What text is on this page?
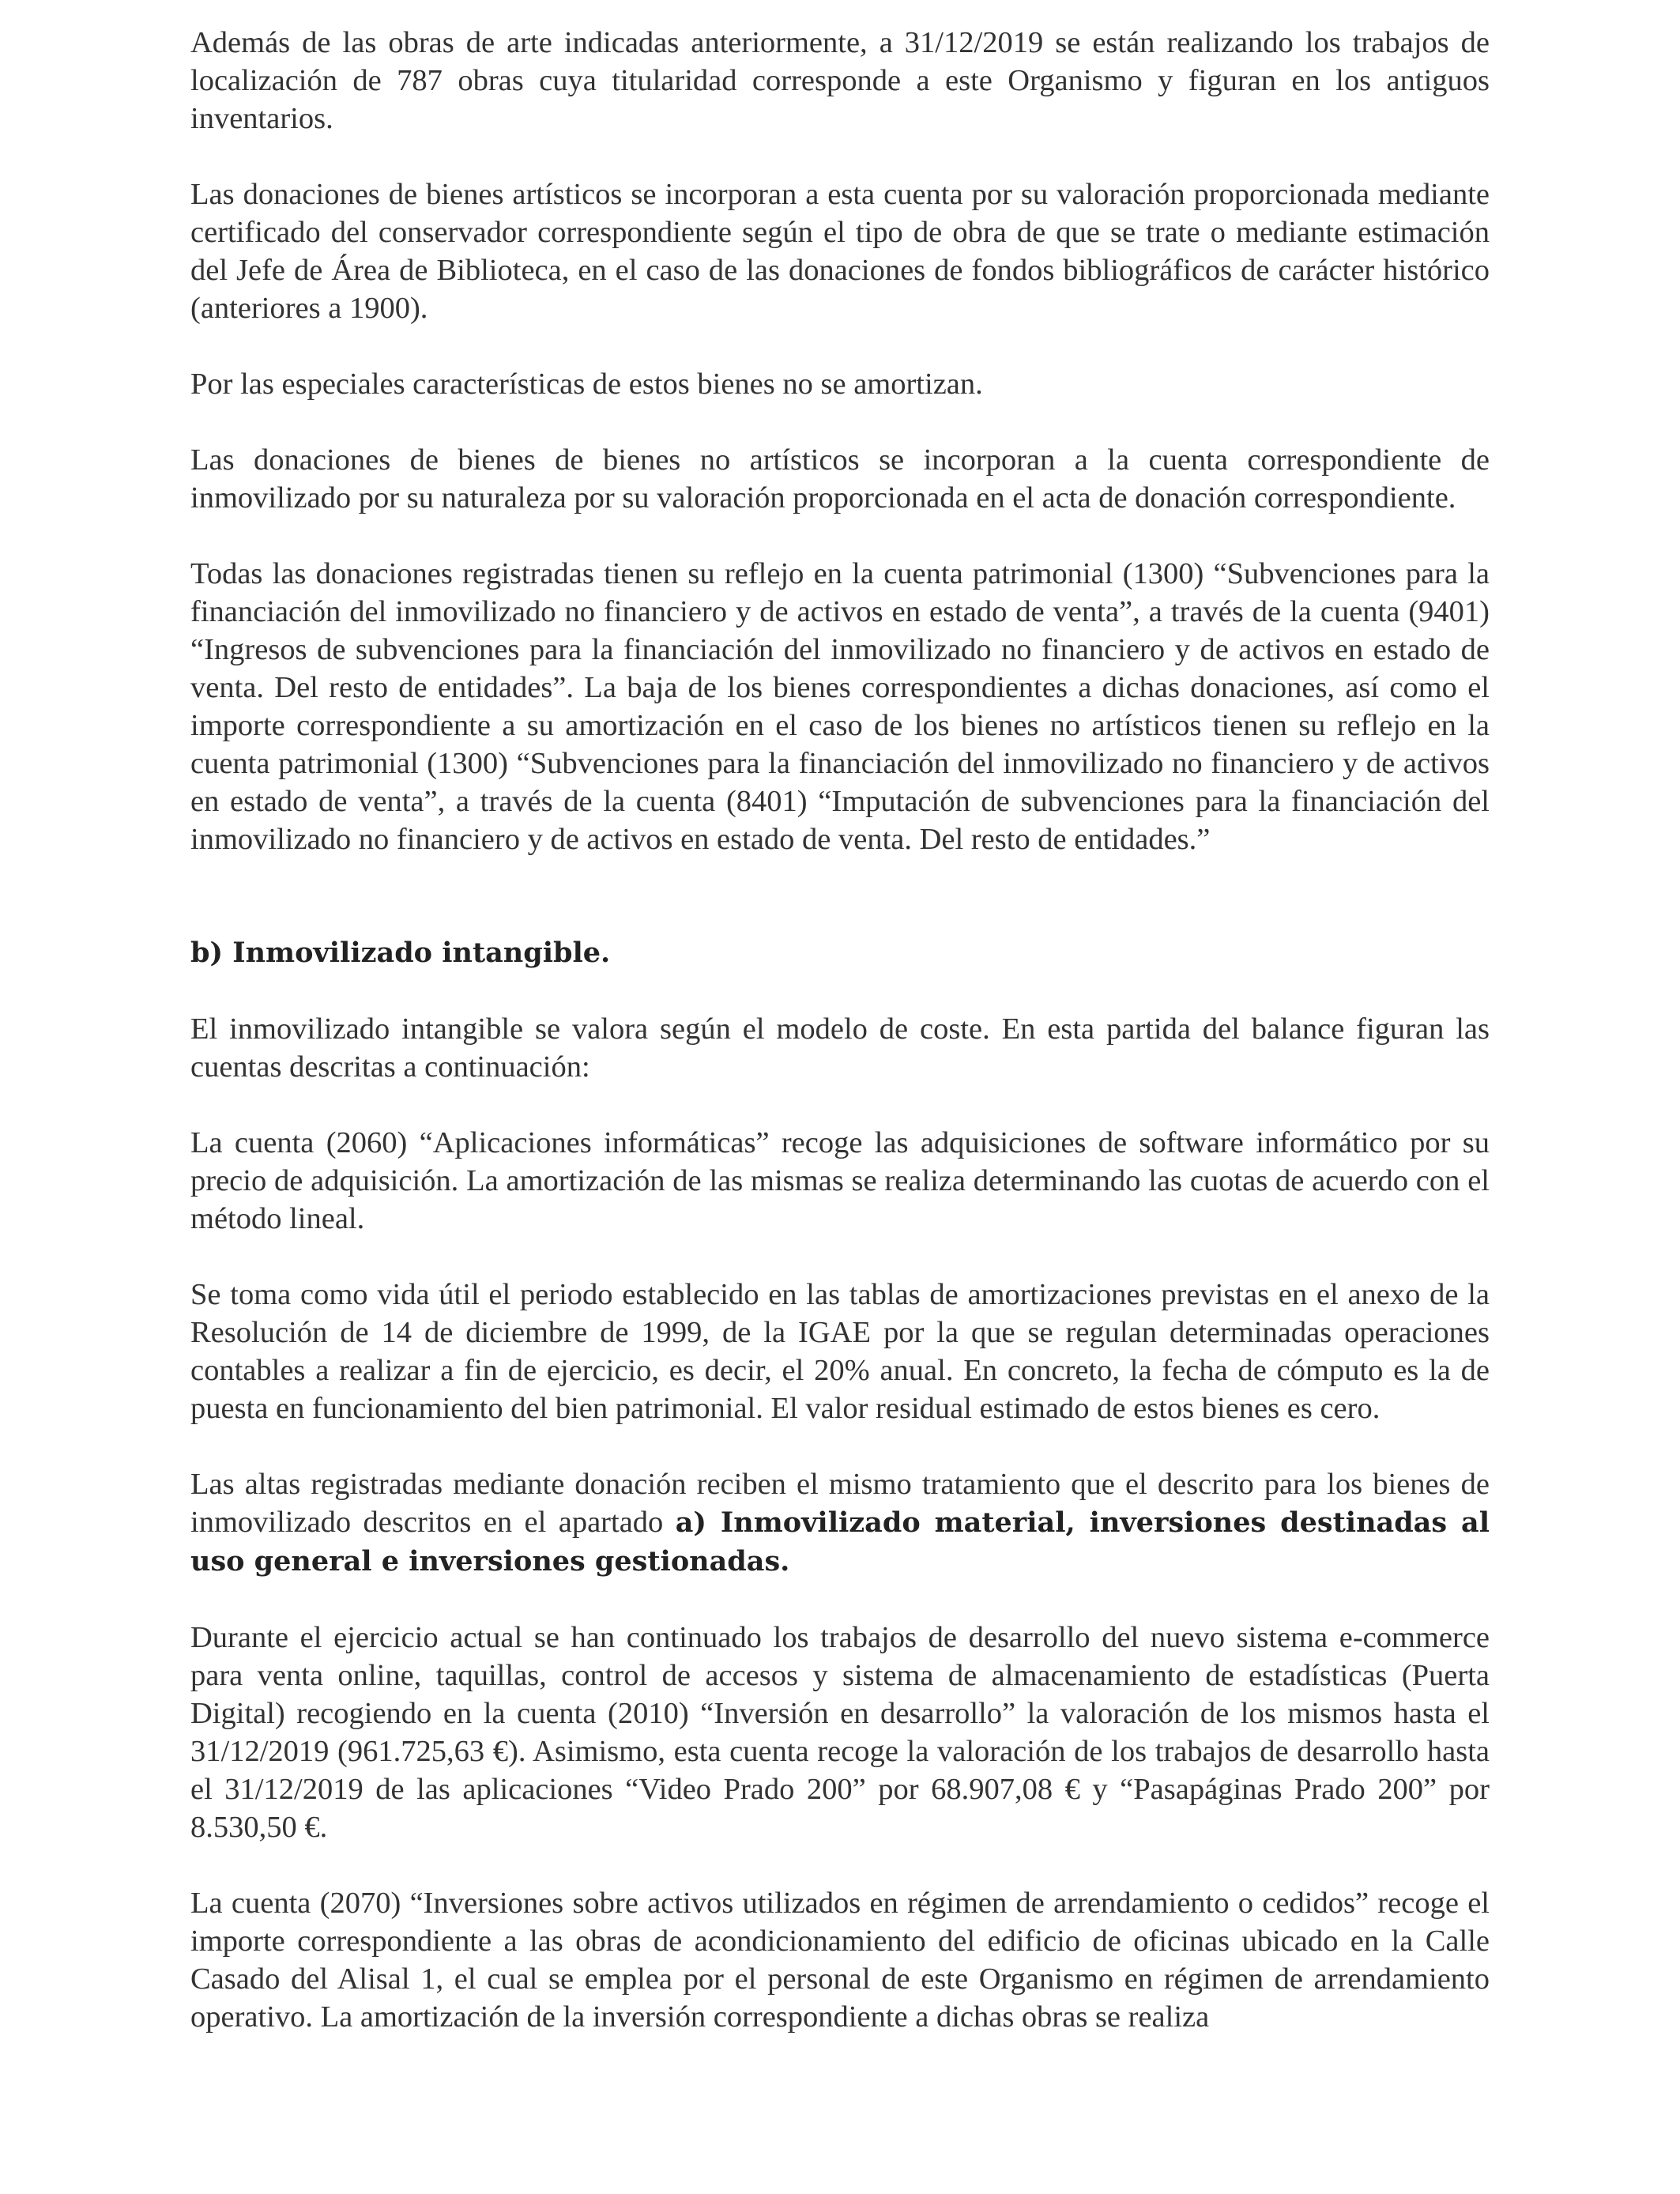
Además de las obras de arte indicadas anteriormente, a 31/12/2019 se están realizando los trabajos de localización de 787 obras cuya titularidad corresponde a este Organismo y figuran en los antiguos inventarios.

Las donaciones de bienes artísticos se incorporan a esta cuenta por su valoración proporcionada mediante certificado del conservador correspondiente según el tipo de obra de que se trate o mediante estimación del Jefe de Área de Biblioteca, en el caso de las donaciones de fondos bibliográficos de carácter histórico (anteriores a 1900).

Por las especiales características de estos bienes no se amortizan.

Las donaciones de bienes de bienes no artísticos se incorporan a la cuenta correspondiente de inmovilizado por su naturaleza por su valoración proporcionada en el acta de donación correspondiente.

Todas las donaciones registradas tienen su reflejo en la cuenta patrimonial (1300) “Subvenciones para la financiación del inmovilizado no financiero y de activos en estado de venta”, a través de la cuenta (9401) “Ingresos de subvenciones para la financiación del inmovilizado no financiero y de activos en estado de venta. Del resto de entidades”. La baja de los bienes correspondientes a dichas donaciones, así como el importe correspondiente a su amortización en el caso de los bienes no artísticos tienen su reflejo en la cuenta patrimonial (1300) “Subvenciones para la financiación del inmovilizado no financiero y de activos en estado de venta”, a través de la cuenta (8401) “Imputación de subvenciones para la financiación del inmovilizado no financiero y de activos en estado de venta. Del resto de entidades.”

b) Inmovilizado intangible.

El inmovilizado intangible se valora según el modelo de coste. En esta partida del balance figuran las cuentas descritas a continuación:

La cuenta (2060) “Aplicaciones informáticas” recoge las adquisiciones de software informático por su precio de adquisición. La amortización de las mismas se realiza determinando las cuotas de acuerdo con el método lineal.

Se toma como vida útil el periodo establecido en las tablas de amortizaciones previstas en el anexo de la Resolución de 14 de diciembre de 1999, de la IGAE por la que se regulan determinadas operaciones contables a realizar a fin de ejercicio, es decir, el 20% anual. En concreto, la fecha de cómputo es la de puesta en funcionamiento del bien patrimonial. El valor residual estimado de estos bienes es cero.

Las altas registradas mediante donación reciben el mismo tratamiento que el descrito para los bienes de inmovilizado descritos en el apartado a) Inmovilizado material, inversiones destinadas al uso general e inversiones gestionadas.

Durante el ejercicio actual se han continuado los trabajos de desarrollo del nuevo sistema e-commerce para venta online, taquillas, control de accesos y sistema de almacenamiento de estadísticas (Puerta Digital) recogiendo en la cuenta (2010) “Inversión en desarrollo” la valoración de los mismos hasta el 31/12/2019 (961.725,63 €). Asimismo, esta cuenta recoge la valoración de los trabajos de desarrollo hasta el 31/12/2019 de las aplicaciones “Video Prado 200” por 68.907,08 € y “Pasapáginas Prado 200” por 8.530,50 €.

La cuenta (2070) “Inversiones sobre activos utilizados en régimen de arrendamiento o cedidos” recoge el importe correspondiente a las obras de acondicionamiento del edificio de oficinas ubicado en la Calle Casado del Alisal 1, el cual se emplea por el personal de este Organismo en régimen de arrendamiento operativo. La amortización de la inversión correspondiente a dichas obras se realiza
